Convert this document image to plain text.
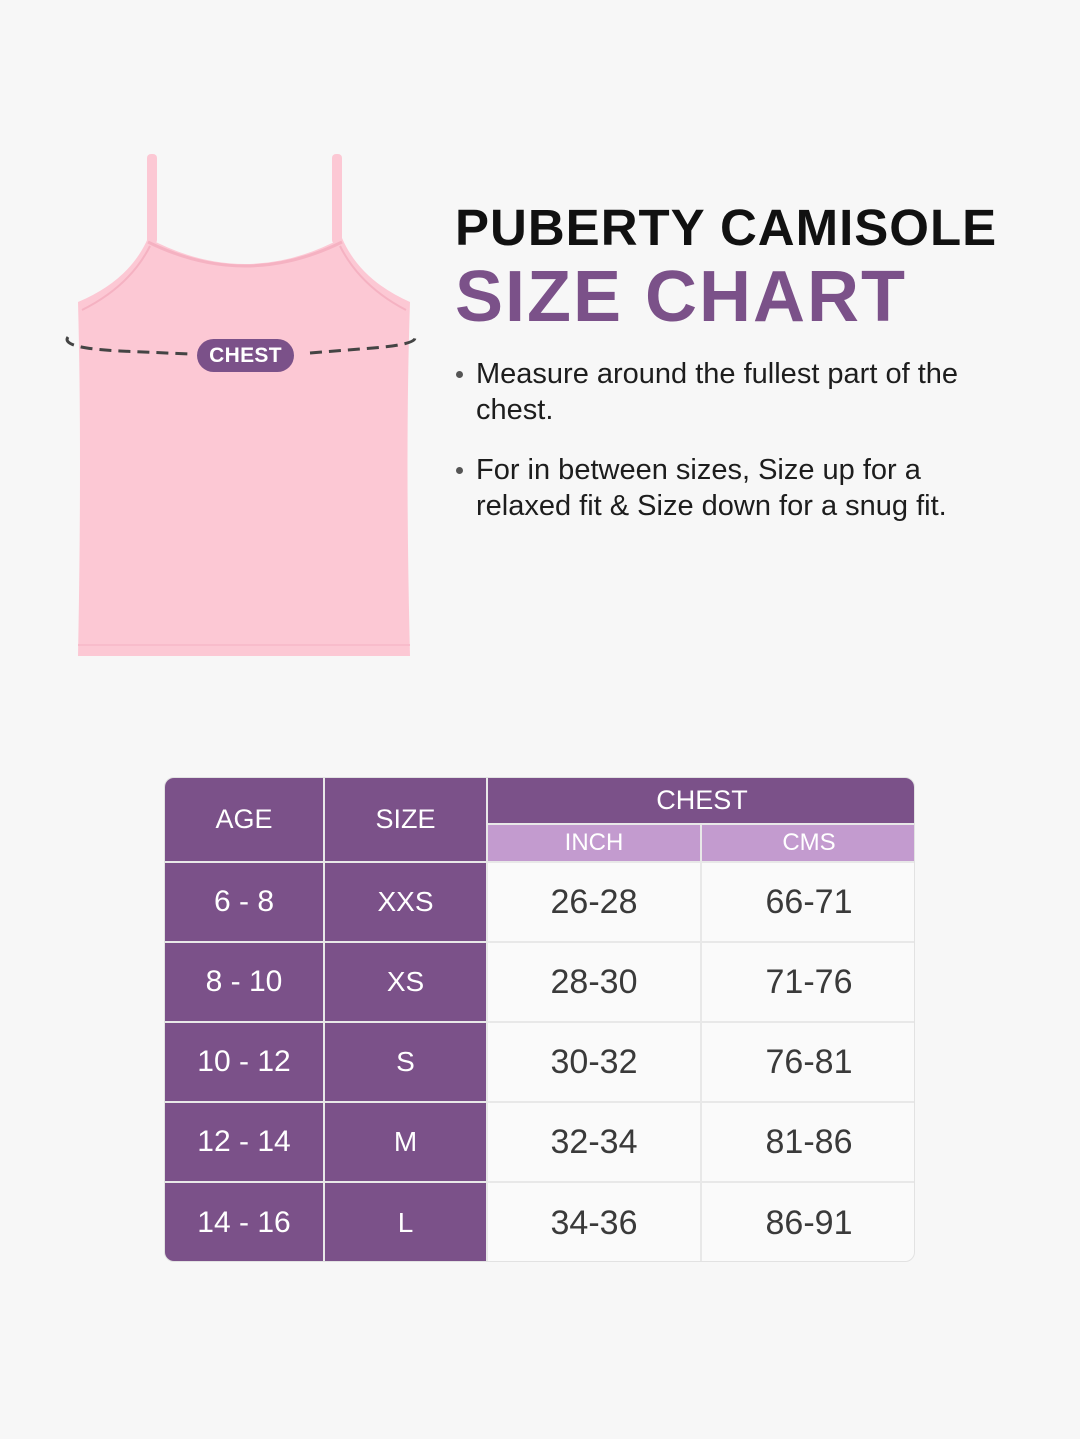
CHEST
PUBERTY CAMISOLE
SIZE CHART
Measure around the fullest part of the chest.
For in between sizes, Size up for a relaxed fit & Size down for a snug fit.
AGE	SIZE
CHEST
INCH	CMS
6 - 8	XXS	26-28	66-71
8 - 10	XS	28-30	71-76
10 - 12	S	30-32	76-81
12 - 14	M	32-34	81-86
14 - 16	L	34-36	86-91
